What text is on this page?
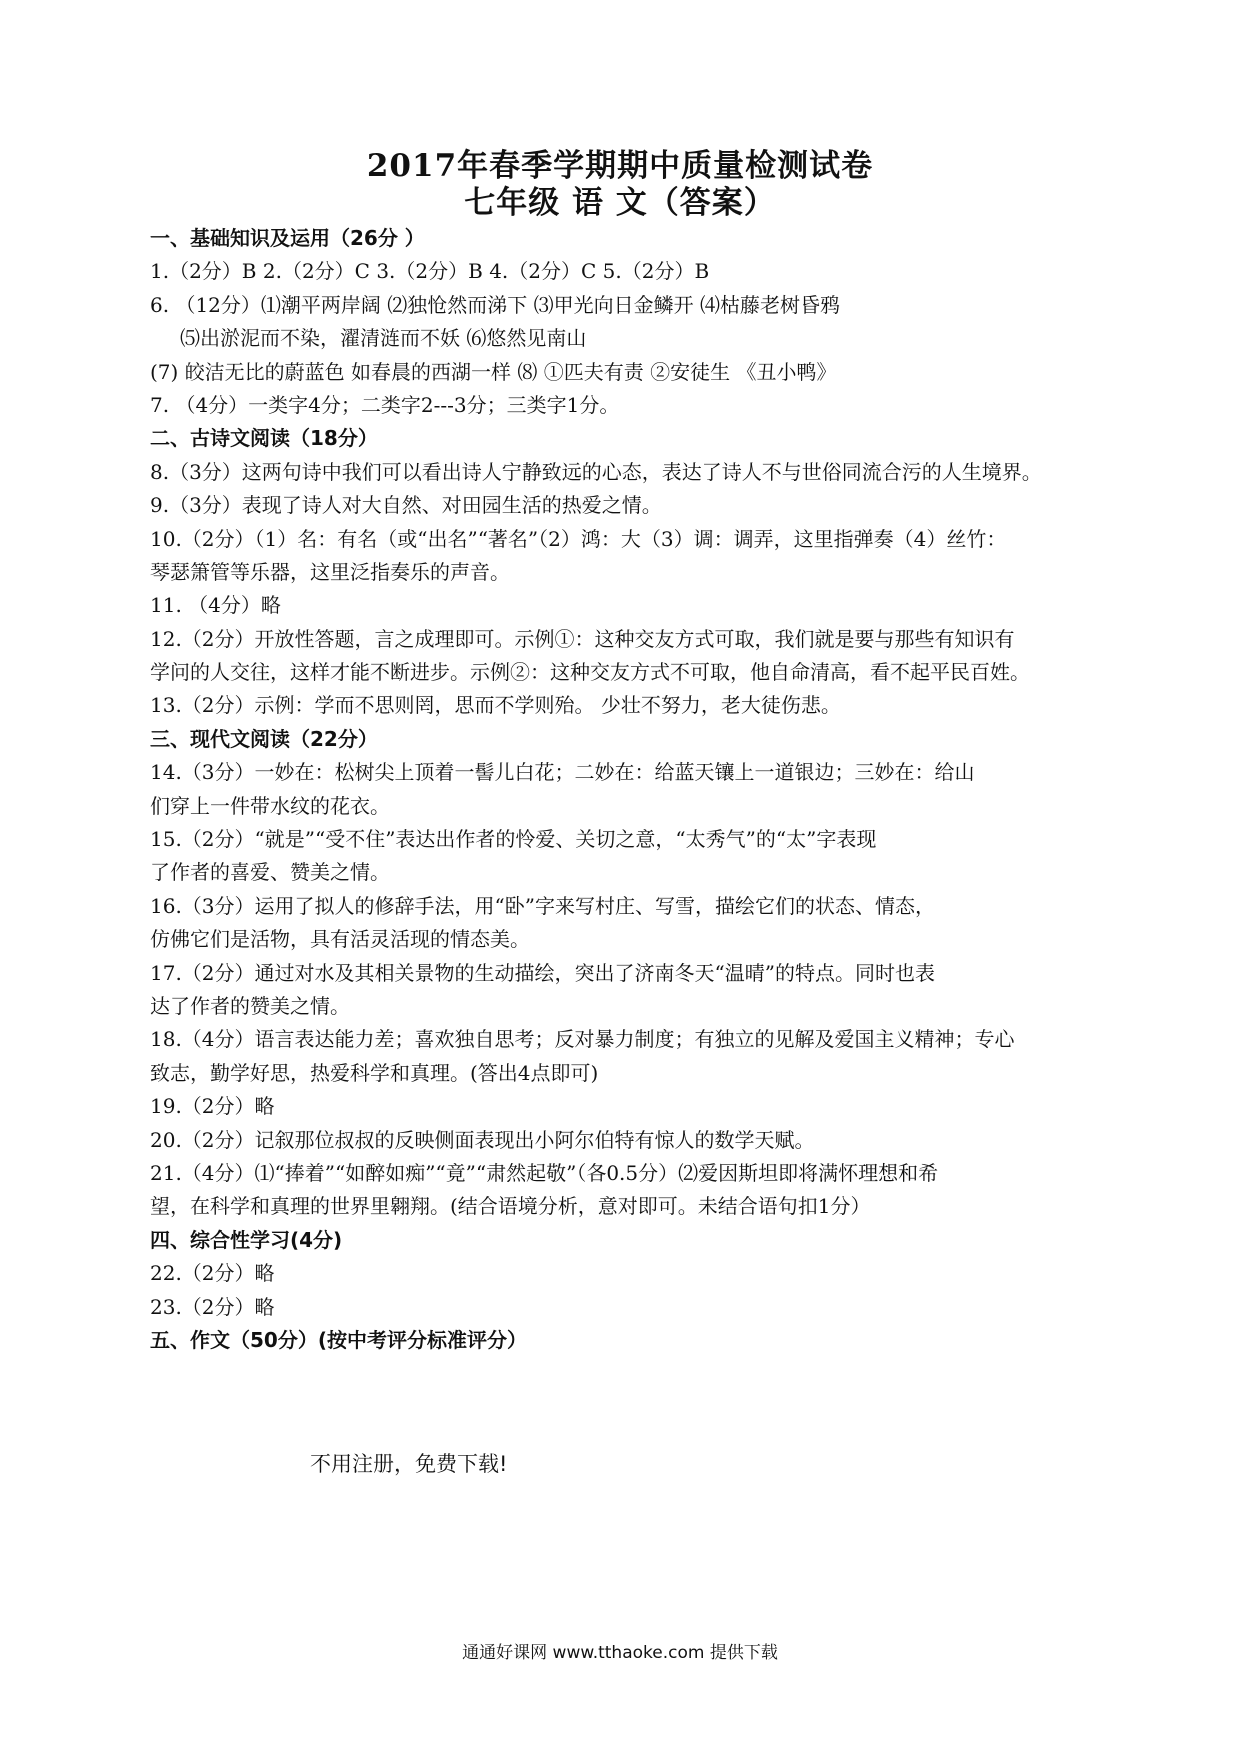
2017年春季学期期中质量检测试卷

七年级 语 文（答案）

一、基础知识及运用（26分 ）
1.（2分）B 2.（2分）C 3.（2分）B 4.（2分）C 5.（2分）B
6. （12分）⑴潮平两岸阔 ⑵独怆然而涕下 ⑶甲光向日金鳞开 ⑷枯藤老树昏鸦
⑸出淤泥而不染，濯清涟而不妖 ⑹悠然见南山
(7) 皎洁无比的蔚蓝色 如春晨的西湖一样 ⑻ ①匹夫有责 ②安徒生 《丑小鸭》
7. （4分）一类字4分；二类字2---3分；三类字1分。
二、古诗文阅读（18分）
8.（3分）这两句诗中我们可以看出诗人宁静致远的心态，表达了诗人不与世俗同流合污的人生境界。
9.（3分）表现了诗人对大自然、对田园生活的热爱之情。
10.（2分）（1）名：有名（或“出名”“著名”（2）鸿：大（3）调：调弄，这里指弹奏（4）丝竹：
琴瑟箫管等乐器，这里泛指奏乐的声音。
11. （4分）略
12.（2分）开放性答题，言之成理即可。示例①：这种交友方式可取，我们就是要与那些有知识有
学问的人交往，这样才能不断进步。示例②：这种交友方式不可取，他自命清高，看不起平民百姓。
13.（2分）示例：学而不思则罔，思而不学则殆。 少壮不努力，老大徒伤悲。
三、现代文阅读（22分）
14.（3分）一妙在：松树尖上顶着一髻儿白花；二妙在：给蓝天镶上一道银边；三妙在：给山
们穿上一件带水纹的花衣。
15.（2分）“就是”“受不住”表达出作者的怜爱、关切之意，“太秀气”的“太”字表现
了作者的喜爱、赞美之情。
16.（3分）运用了拟人的修辞手法，用“卧”字来写村庄、写雪，描绘它们的状态、情态，
仿佛它们是活物，具有活灵活现的情态美。
17.（2分）通过对水及其相关景物的生动描绘，突出了济南冬天“温晴”的特点。同时也表
达了作者的赞美之情。
18.（4分）语言表达能力差；喜欢独自思考；反对暴力制度；有独立的见解及爱国主义精神；专心
致志，勤学好思，热爱科学和真理。(答出4点即可)
19.（2分）略
20.（2分）记叙那位叔叔的反映侧面表现出小阿尔伯特有惊人的数学天赋。
21.（4分）⑴“捧着”“如醉如痴”“竟”“肃然起敬”（各0.5分）⑵爱因斯坦即将满怀理想和希
望，在科学和真理的世界里翱翔。(结合语境分析，意对即可。未结合语句扣1分）
四、综合性学习(4分)
22.（2分）略
23.（2分）略
五、作文（50分）(按中考评分标准评分）
不用注册，免费下载!
通通好课网 www.tthaoke.com 提供下载
